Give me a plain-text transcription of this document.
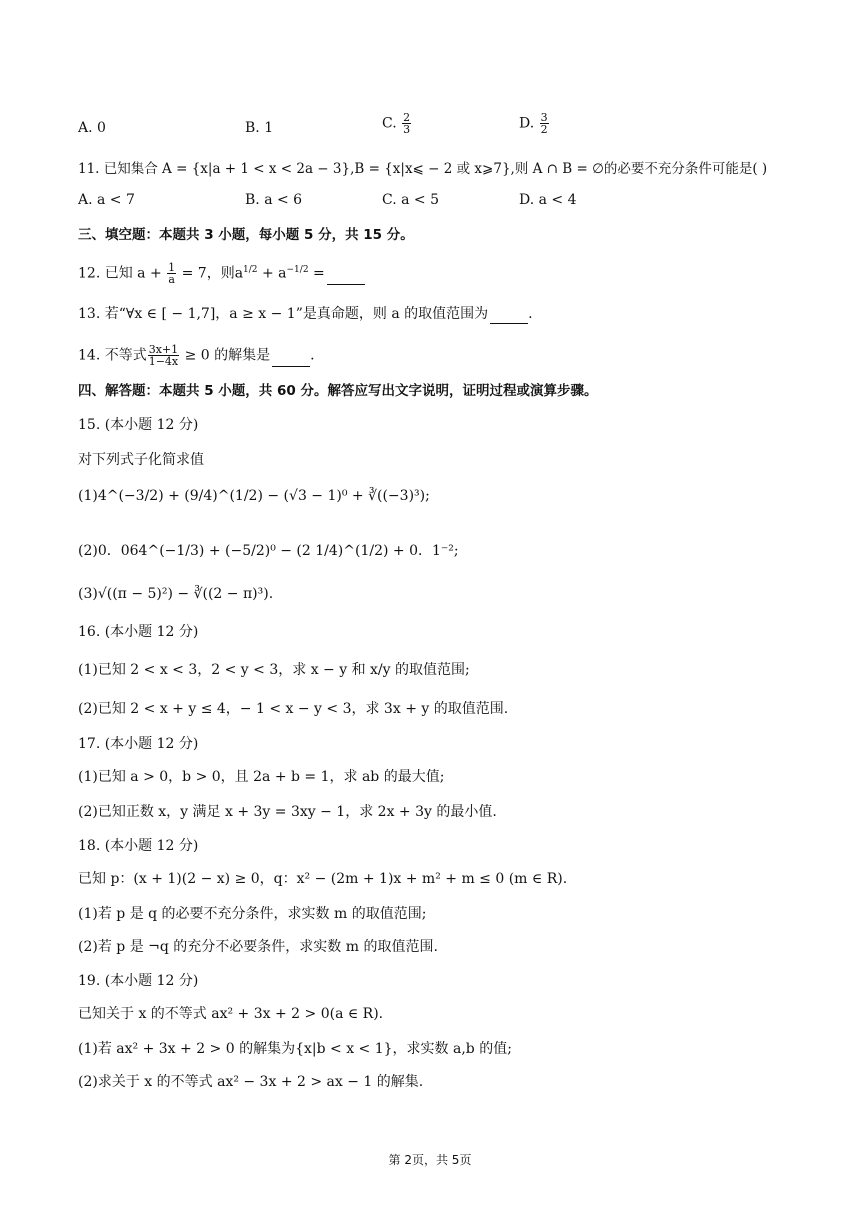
A. 0	B. 1	C. $\frac{2}{3}$	D. $\frac{3}{2}$
11. 已知集合 A = {x|a + 1 < x < 2a − 3},B = {x|x⩽ − 2 或 x⩾7},则 A ∩ B = ∅的必要不充分条件可能是( )
A. a < 7	B. a < 6	C. a < 5	D. a < 4
三、填空题：本题共 3 小题，每小题 5 分，共 15 分。
12. 已知 $a + \frac{1}{a} = 7$，则$a^{1/2} + a^{-1/2}$ =
13. 若“∀x ∈ [ − 1,7]，a ≥ x − 1”是真命题，则 a 的取值范围为	.
14. 不等式 $\frac{3x+1}{1-4x} \ge 0$ 的解集是	.
四、解答题：本题共 5 小题，共 60 分。解答应写出文字说明，证明过程或演算步骤。
15. (本小题 12 分)
对下列式子化简求值
(1)4^(−3/2) + (9/4)^(1/2) − (√3 − 1)⁰ + ∛((−3)³);
(2)0．064^(−1/3) + (−5/2)⁰ − (2 1/4)^(1/2) + 0．1⁻²;
(3)√((π − 5)²) − ∛((2 − π)³).
16. (本小题 12 分)
(1)已知 2 < x < 3，2 < y < 3，求 x − y 和 x/y 的取值范围;
(2)已知 2 < x + y ≤ 4，− 1 < x − y < 3，求 3x + y 的取值范围.
17. (本小题 12 分)
(1)已知 a > 0，b > 0，且 2a + b = 1，求 ab 的最大值;
(2)已知正数 x，y 满足 x + 3y = 3xy − 1，求 2x + 3y 的最小值.
18. (本小题 12 分)
已知 p：(x + 1)(2 − x) ≥ 0，q：x² − (2m + 1)x + m² + m ≤ 0 (m ∈ R).
(1)若 p 是 q 的必要不充分条件，求实数 m 的取值范围;
(2)若 p 是 ¬q 的充分不必要条件，求实数 m 的取值范围.
19. (本小题 12 分)
已知关于 x 的不等式 ax² + 3x + 2 > 0(a ∈ R).
(1)若 ax² + 3x + 2 > 0 的解集为{x|b < x < 1}，求实数 a,b 的值;
(2)求关于 x 的不等式 ax² − 3x + 2 > ax − 1 的解集.
第 2页，共 5页
